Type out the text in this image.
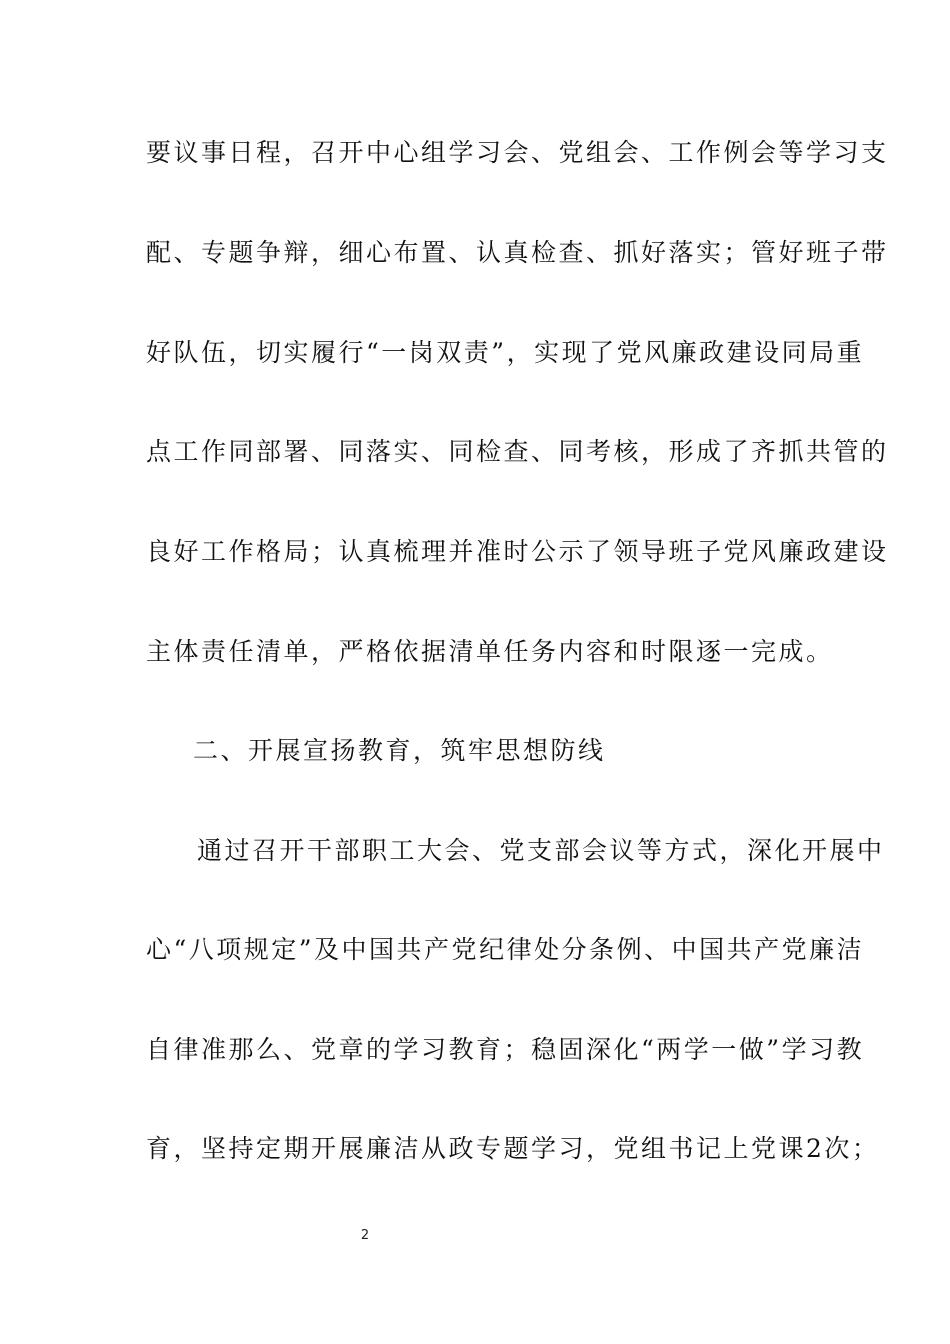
要议事日程，召开中心组学习会、党组会、工作例会等学习支
配、专题争辩，细心布置、认真检查、抓好落实；管好班子带
好队伍，切实履行“一岗双责”，实现了党风廉政建设同局重
点工作同部署、同落实、同检查、同考核，形成了齐抓共管的
良好工作格局；认真梳理并准时公示了领导班子党风廉政建设
主体责任清单，严格依据清单任务内容和时限逐一完成。
二、开展宣扬教育，筑牢思想防线
通过召开干部职工大会、党支部会议等方式，深化开展中
心“八项规定”及中国共产党纪律处分条例、中国共产党廉洁
自律准那么、党章的学习教育；稳固深化“两学一做”学习教
育，坚持定期开展廉洁从政专题学习，党组书记上党课2次；
2
